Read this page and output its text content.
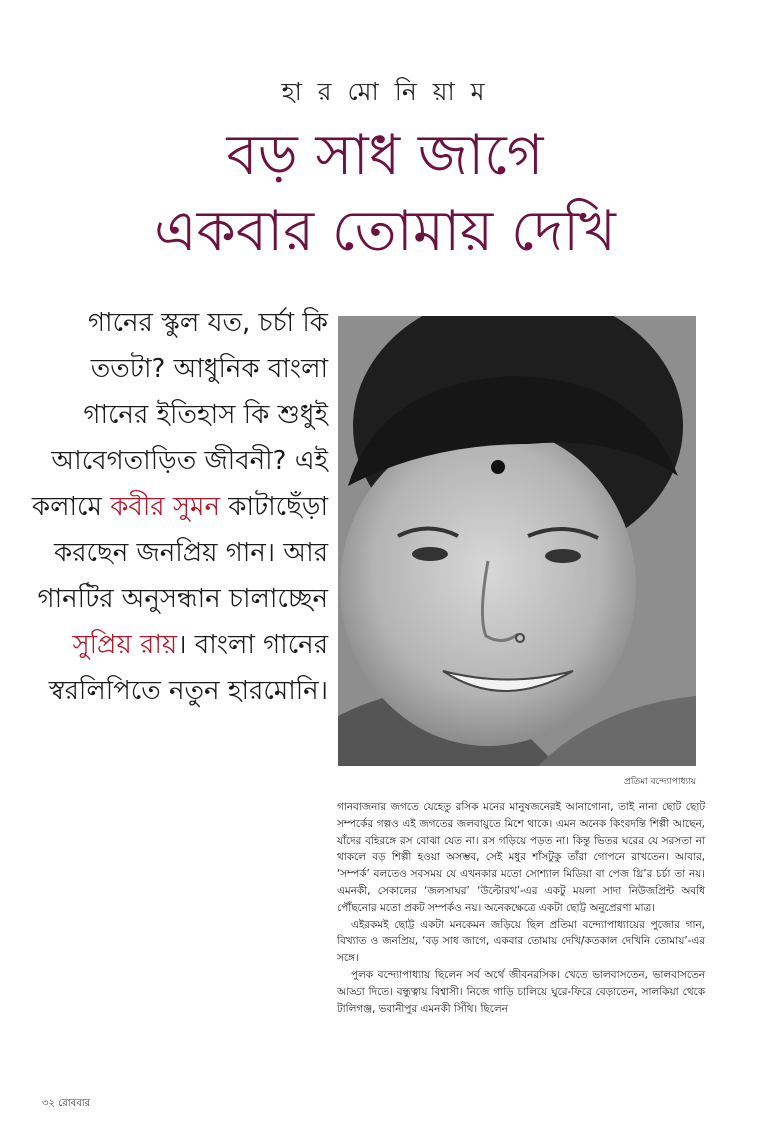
হা র মো নি য়া ম
বড় সাধ জাগে
একবার তোমায় দেখি
গানের স্কুল যত, চর্চা কি ততটা? আধুনিক বাংলা গানের ইতিহাস কি শুধুই আবেগতাড়িত জীবনী? এই কলামে কবীর সুমন কাটাছেঁড়া করছেন জনপ্রিয় গান। আর গানটির অনুসন্ধান চালাচ্ছেন সুপ্রিয় রায়। বাংলা গানের স্বরলিপিতে নতুন হারমোনি।
প্রতিমা বন্দ্যোপাধ্যায়

গানবাজনার জগতে যেহেতু রসিক মনের মানুষজনেরই আনাগোনা, তাই নানা ছোট ছোট সম্পর্কের গল্পও এই জগতের জলবায়ুতে মিশে থাকে। এমন অনেক কিংবদন্তি শিল্পী আছেন, যাঁদের বহিরঙ্গে রস বোঝা যেত না। রস গড়িয়ে পড়ত না। কিন্তু ভিতর ঘরের যে সরসতা না থাকলে বড় শিল্পী হওয়া অসম্ভব, সেই মধুর শাঁসটুকু তাঁরা গোপনে রাখতেন। আবার, ‘সম্পর্ক’ বলতেও সবসময় যে এখনকার মতো সোশ্যাল মিডিয়া বা পেজ থ্রি’র চর্চা তা নয়। এমনকী, সেকালের ‘জলসাঘর’ ‘উল্টোরথ’-এর একটু ময়লা সাদা নিউজপ্রিন্ট অবধি পৌঁছনোর মতো প্রকট সম্পর্কও নয়। অনেকক্ষেত্রে একটা ছোট্ট অনুপ্রেরণা মাত্র।

এইরকমই ছোট্ট একটা মনকেমন জড়িয়ে ছিল প্রতিমা বন্দ্যোপাধ্যায়ের পুজোর গান, বিখ্যাত ও জনপ্রিয়, ‘বড় সাধ জাগে, একবার তোমায় দেখি/কতকাল দেখিনি তোমায়’-এর সঙ্গে।

পুলক বন্দ্যোপাধ্যায় ছিলেন সর্ব অর্থে জীবনরসিক। খেতে ভালবাসতেন, ভালবাসতেন আড্ডা দিতে। বন্ধুত্বায় বিশ্বাসী। নিজে গাড়ি চালিয়ে ঘুরে-ফিরে বেড়াতেন, সালকিয়া থেকে টালিগঞ্জ, ভবানীপুর এমনকী সিঁথি। ছিলেন

৩২ রোববার
